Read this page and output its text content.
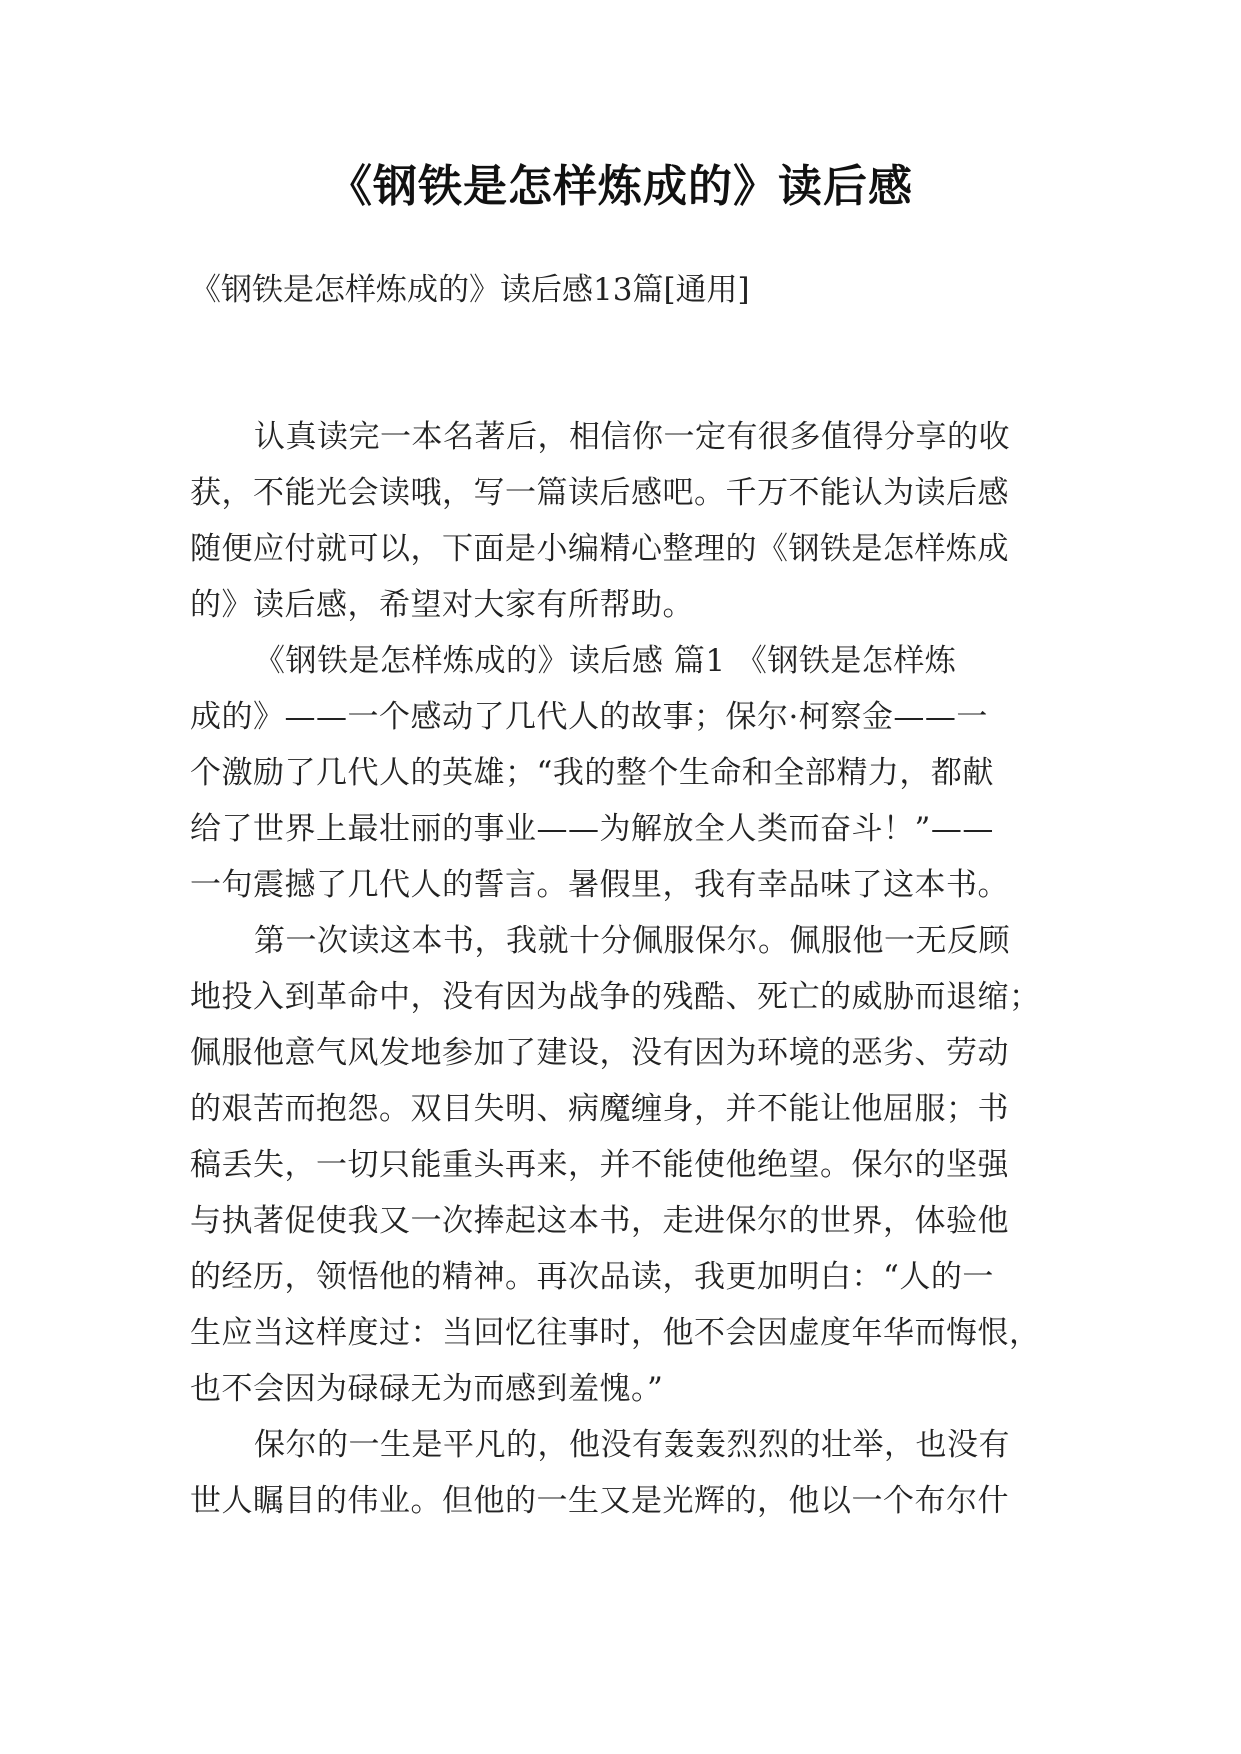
《钢铁是怎样炼成的》读后感
《钢铁是怎样炼成的》读后感13篇[通用]
认真读完一本名著后，相信你一定有很多值得分享的收
获，不能光会读哦，写一篇读后感吧。千万不能认为读后感
随便应付就可以，下面是小编精心整理的《钢铁是怎样炼成
的》读后感，希望对大家有所帮助。
《钢铁是怎样炼成的》读后感 篇1 《钢铁是怎样炼
成的》——一个感动了几代人的故事；保尔·柯察金——一
个激励了几代人的英雄；“我的整个生命和全部精力，都献
给了世界上最壮丽的事业——为解放全人类而奋斗！”——
一句震撼了几代人的誓言。暑假里，我有幸品味了这本书。
第一次读这本书，我就十分佩服保尔。佩服他一无反顾
地投入到革命中，没有因为战争的残酷、死亡的威胁而退缩；
佩服他意气风发地参加了建设，没有因为环境的恶劣、劳动
的艰苦而抱怨。双目失明、病魔缠身，并不能让他屈服；书
稿丢失，一切只能重头再来，并不能使他绝望。保尔的坚强
与执著促使我又一次捧起这本书，走进保尔的世界，体验他
的经历，领悟他的精神。再次品读，我更加明白：“人的一
生应当这样度过：当回忆往事时，他不会因虚度年华而悔恨，
也不会因为碌碌无为而感到羞愧。”
保尔的一生是平凡的，他没有轰轰烈烈的壮举，也没有
世人瞩目的伟业。但他的一生又是光辉的，他以一个布尔什
